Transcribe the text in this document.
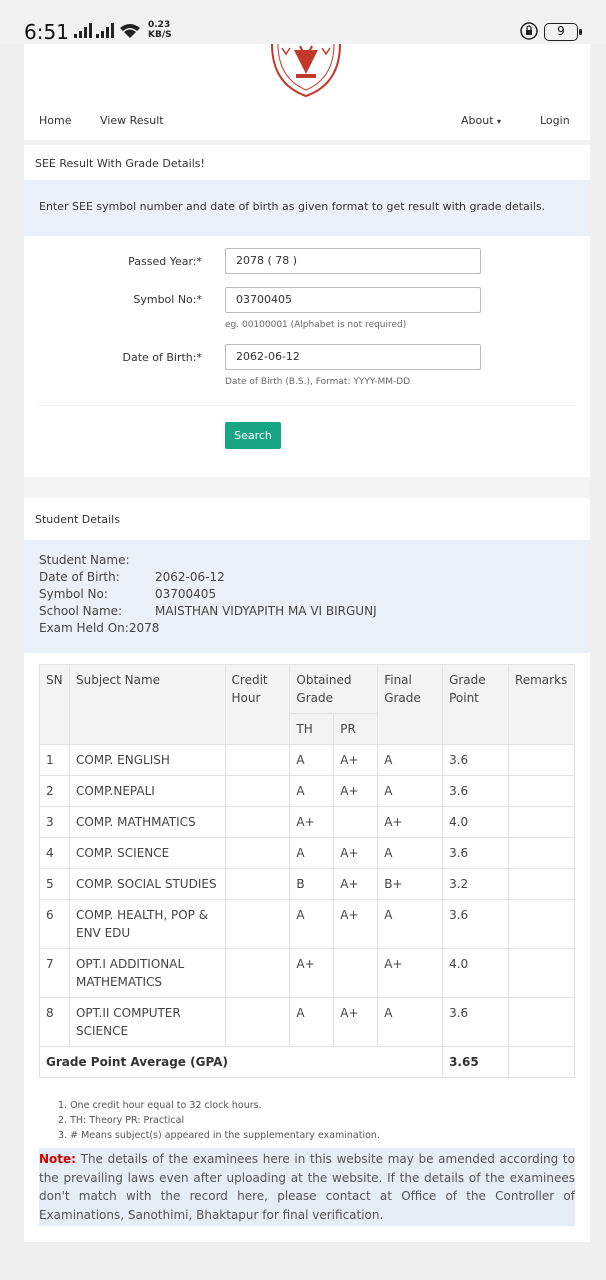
6:51	0.23
KB/S	9
Home	View Result	About ▾	Login
SEE Result With Grade Details!
Enter SEE symbol number and date of birth as given format to get result with grade details.
Passed Year:*	2078 ( 78 )
Symbol No:*	03700405
eg. 00100001 (Alphabet is not required)
Date of Birth:*	2062-06-12
Date of Birth (B.S.), Format: YYYY-MM-DD
Search
Student Details
Student Name:
Date of Birth:	2062-06-12
Symbol No:	03700405
School Name:	MAISTHAN VIDYAPITH MA VI BIRGUNJ
Exam Held On:2078
SN	Subject Name	Credit Hour	Obtained Grade		Final Grade	Grade Point	Remarks
			TH	PR			
1	COMP. ENGLISH		A	A+	A	3.6	
2	COMP.NEPALI		A	A+	A	3.6	
3	COMP. MATHMATICS		A+		A+	4.0	
4	COMP. SCIENCE		A	A+	A	3.6	
5	COMP. SOCIAL STUDIES		B	A+	B+	3.2	
6	COMP. HEALTH, POP & ENV EDU		A	A+	A	3.6	
7	OPT.I ADDITIONAL MATHEMATICS		A+		A+	4.0	
8	OPT.II COMPUTER SCIENCE		A	A+	A	3.6	
Grade Point Average (GPA)						3.65	
1. One credit hour equal to 32 clock hours.
2. TH: Theory PR: Practical
3. # Means subject(s) appeared in the supplementary examination.
Note: The details of the examinees here in this website may be amended according to the prevailing laws even after uploading at the website. If the details of the examinees don't match with the record here, please contact at Office of the Controller of Examinations, Sanothimi, Bhaktapur for final verification.
